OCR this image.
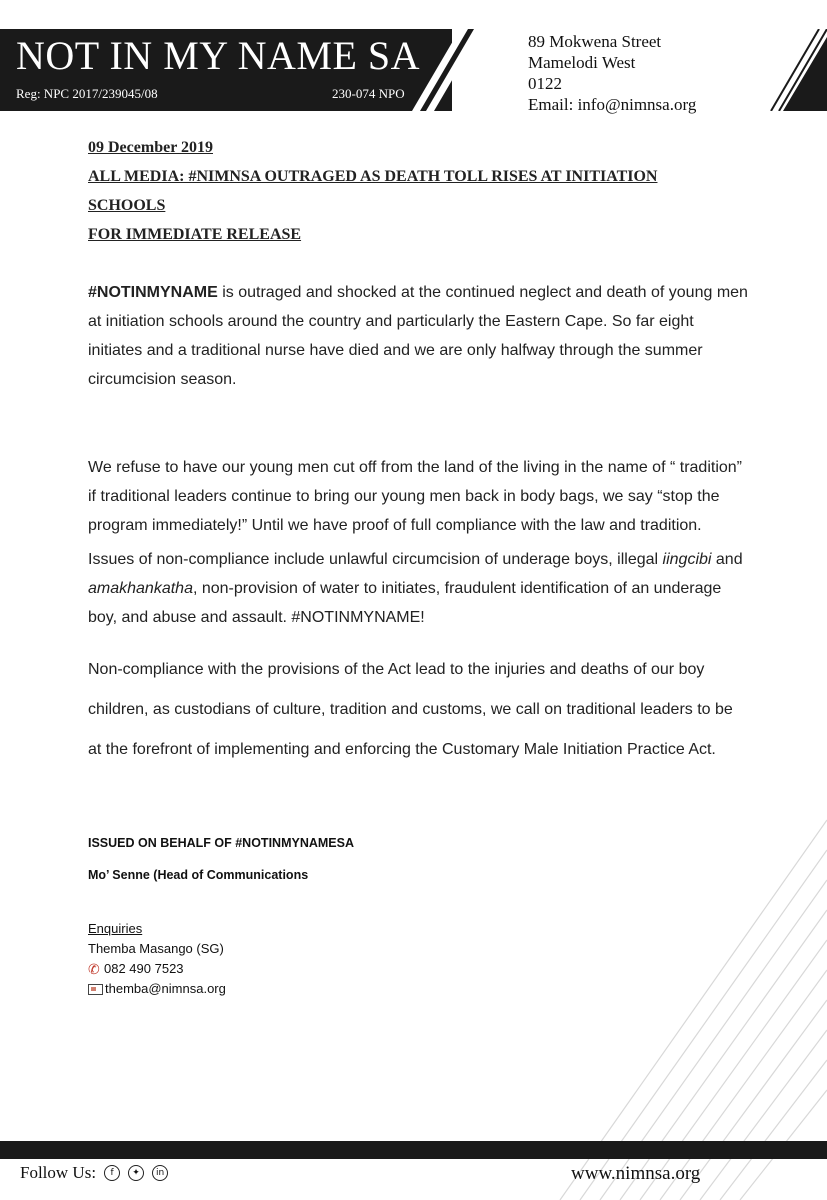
NOT IN MY NAME SA
Reg: NPC 2017/239045/08	230-074 NPO
89 Mokwena Street
Mamelodi West
0122
Email: info@nimnsa.org
09 December 2019
ALL MEDIA: #NIMNSA OUTRAGED AS DEATH TOLL RISES AT INITIATION
SCHOOLS
FOR IMMEDIATE RELEASE
#NOTINMYNAME is outraged and shocked at the continued neglect and death of young men at initiation schools around the country and particularly the Eastern Cape. So far eight initiates and a traditional nurse have died and we are only halfway through the summer circumcision season.
We refuse to have our young men cut off from the land of the living in the name of “ tradition” if traditional leaders continue to bring our young men back in body bags, we say “stop the program immediately!” Until we have proof of full compliance with the law and tradition.
Issues of non-compliance include unlawful circumcision of underage boys, illegal iingcibi and amakhankatha, non-provision of water to initiates, fraudulent identification of an underage boy, and abuse and assault. #NOTINMYNAME!
Non-compliance with the provisions of the Act lead to the injuries and deaths of our boy children, as custodians of culture, tradition and customs, we call on traditional leaders to be at the forefront of implementing and enforcing the Customary Male Initiation Practice Act.
ISSUED ON BEHALF OF #NOTINMYNAMESA
Mo’ Senne (Head of Communications
Enquiries
Themba Masango (SG)
✆ 082 490 7523
themba@nimnsa.org
Follow Us:	f	✦	in	www.nimnsa.org
